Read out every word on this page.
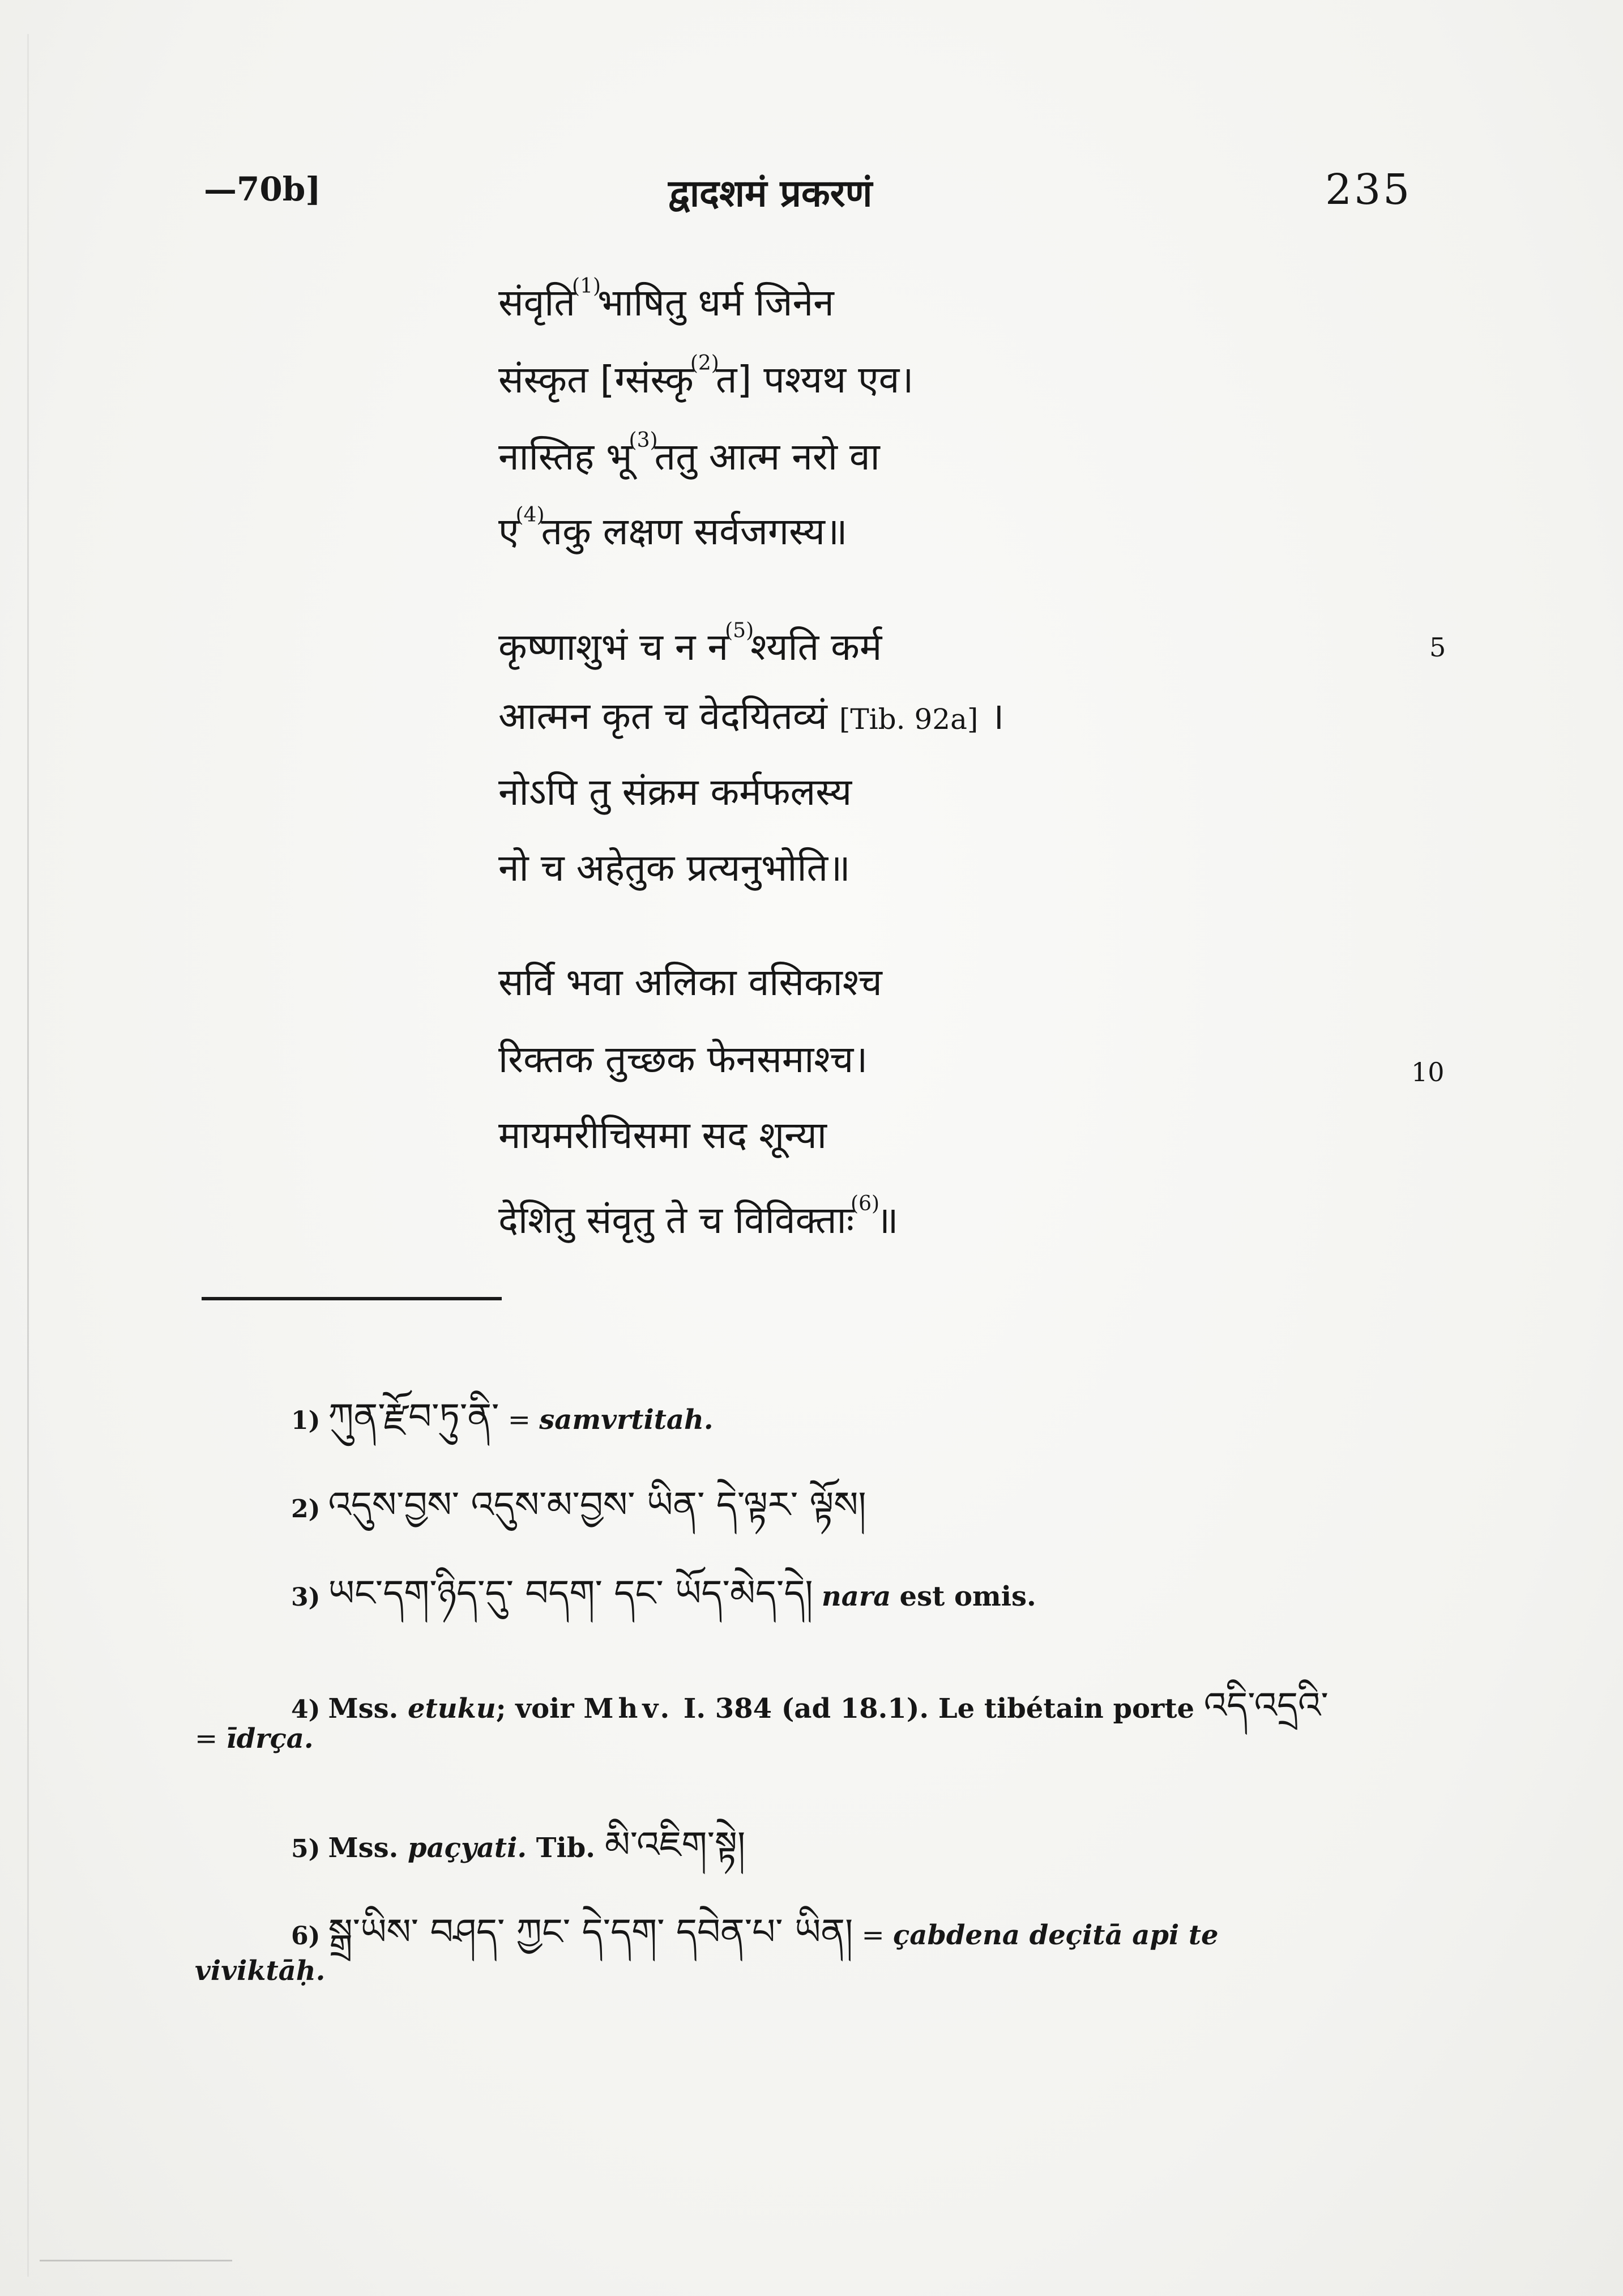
—70b]	द्वादशमं प्रकरणं	235
संवृति$^{(1)}$भाषितु धर्म जिनेन
संस्कृत [ग्संस्कृ$^{(2)}$त] पश्यथ एव।
नास्तिह भू$^{(3)}$ततु आत्म नरो वा
ए$^{(4)}$तकु लक्षण सर्वजगस्य॥
कृष्णाशुभं च न न$^{(5)}$श्यति कर्म	5
आत्मन कृत च वेदयितव्यं [Tib. 92a] ।
नोऽपि तु संक्रम कर्मफलस्य
नो च अहेतुक प्रत्यनुभोति॥
सर्वि भवा अलिका वसिकाश्च
रिक्तक तुच्छक फेनसमाश्च।	10
मायमरीचिसमा सद शून्या
देशितु संवृतु ते च विविक्ताः$^{(6)}$॥
1) ཀུན་རྫོབ་ཏུ་ནི་ = samvrtitah.
2) འདུས་བྱས་ འདུས་མ་བྱས་ ཡིན་ དེ་ལྟར་ ལྟོས།
3) ཡང་དག་ཉིད་དུ་ བདག་ དང་ ཡོད་མེད་དེ། nara est omis.
4) Mss. etuku; voir Mhv. I. 384 (ad 18.1). Le tibétain porte འདི་འདྲའི་
= īdrça.
5) Mss. paçyati. Tib. མི་འཇིག་སྟེ།
6) སྒྲ་ཡིས་ བཤད་ ཀྱང་ དེ་དག་ དབེན་པ་ ཡིན། = çabdena deçitā api te
viviktāḥ.
